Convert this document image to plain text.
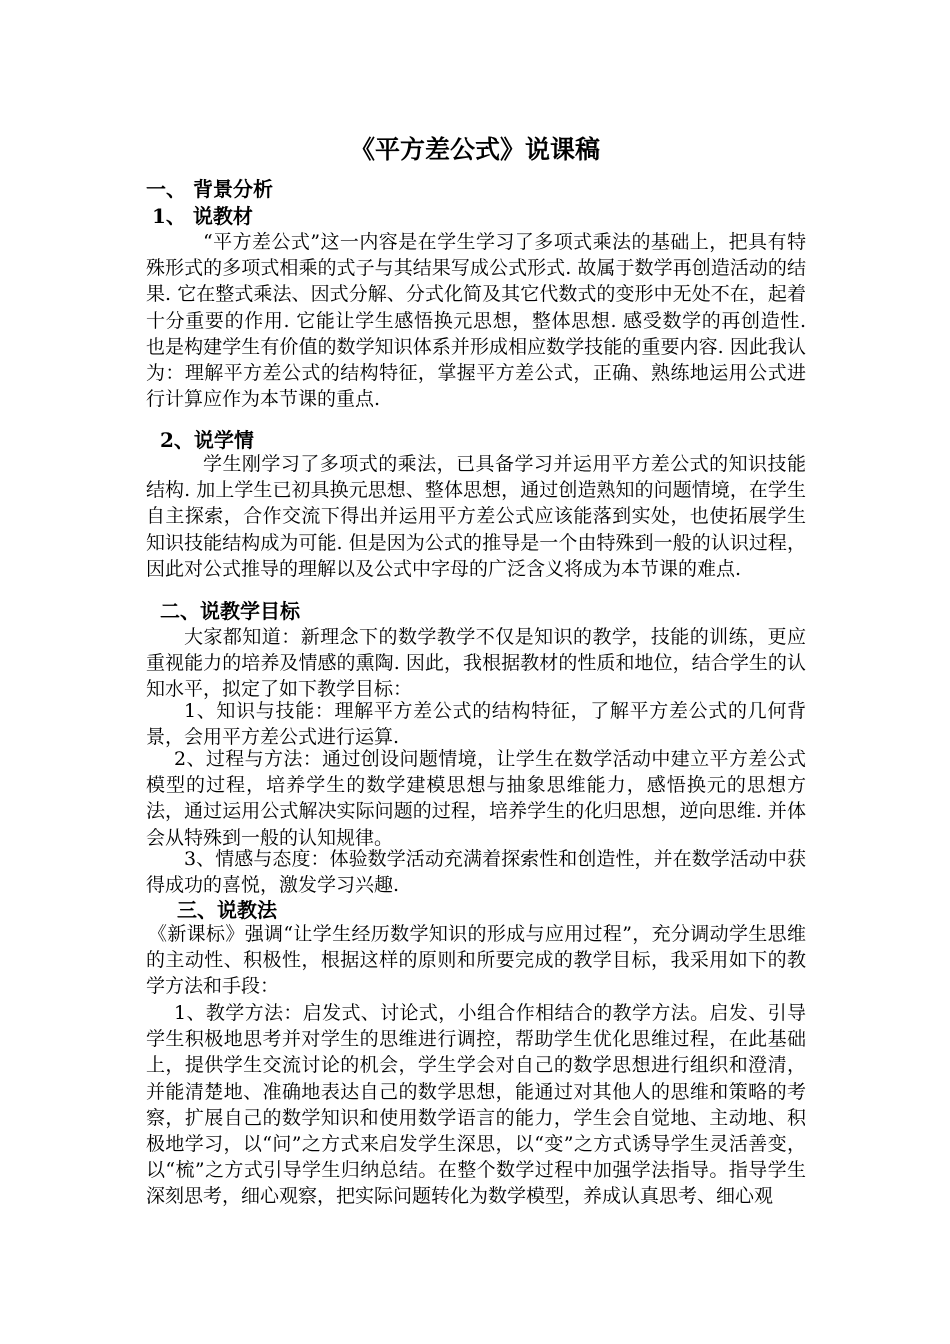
《平方差公式》说课稿
一、 背景分析
1、 说教材
“平方差公式”这一内容是在学生学习了多项式乘法的基础上，把具有特殊形式的多项式相乘的式子与其结果写成公式形式. 故属于数学再创造活动的结果. 它在整式乘法、因式分解、分式化简及其它代数式的变形中无处不在，起着十分重要的作用. 它能让学生感悟换元思想，整体思想. 感受数学的再创造性. 也是构建学生有价值的数学知识体系并形成相应数学技能的重要内容. 因此我认为：理解平方差公式的结构特征，掌握平方差公式，正确、熟练地运用公式进行计算应作为本节课的重点.
2、说学情
学生刚学习了多项式的乘法，已具备学习并运用平方差公式的知识技能结构. 加上学生已初具换元思想、整体思想，通过创造熟知的问题情境，在学生自主探索，合作交流下得出并运用平方差公式应该能落到实处，也使拓展学生知识技能结构成为可能. 但是因为公式的推导是一个由特殊到一般的认识过程，因此对公式推导的理解以及公式中字母的广泛含义将成为本节课的难点.
二、说教学目标
大家都知道：新理念下的数学教学不仅是知识的教学，技能的训练，更应重视能力的培养及情感的熏陶. 因此，我根据教材的性质和地位，结合学生的认知水平，拟定了如下教学目标：
1、知识与技能：理解平方差公式的结构特征，了解平方差公式的几何背景，会用平方差公式进行运算.
2、过程与方法：通过创设问题情境，让学生在数学活动中建立平方差公式模型的过程，培养学生的数学建模思想与抽象思维能力，感悟换元的思想方法，通过运用公式解决实际问题的过程，培养学生的化归思想，逆向思维. 并体会从特殊到一般的认知规律。
3、情感与态度：体验数学活动充满着探索性和创造性，并在数学活动中获得成功的喜悦，激发学习兴趣.
三、说教法
《新课标》强调“让学生经历数学知识的形成与应用过程”，充分调动学生思维的主动性、积极性，根据这样的原则和所要完成的教学目标，我采用如下的教学方法和手段：
1、教学方法：启发式、讨论式，小组合作相结合的教学方法。启发、引导学生积极地思考并对学生的思维进行调控，帮助学生优化思维过程，在此基础上，提供学生交流讨论的机会，学生学会对自己的数学思想进行组织和澄清，并能清楚地、准确地表达自己的数学思想，能通过对其他人的思维和策略的考察，扩展自己的数学知识和使用数学语言的能力，学生会自觉地、主动地、积极地学习，以“问”之方式来启发学生深思，以“变”之方式诱导学生灵活善变，以“梳”之方式引导学生归纳总结。在整个数学过程中加强学法指导。指导学生深刻思考，细心观察，把实际问题转化为数学模型，养成认真思考、细心观
